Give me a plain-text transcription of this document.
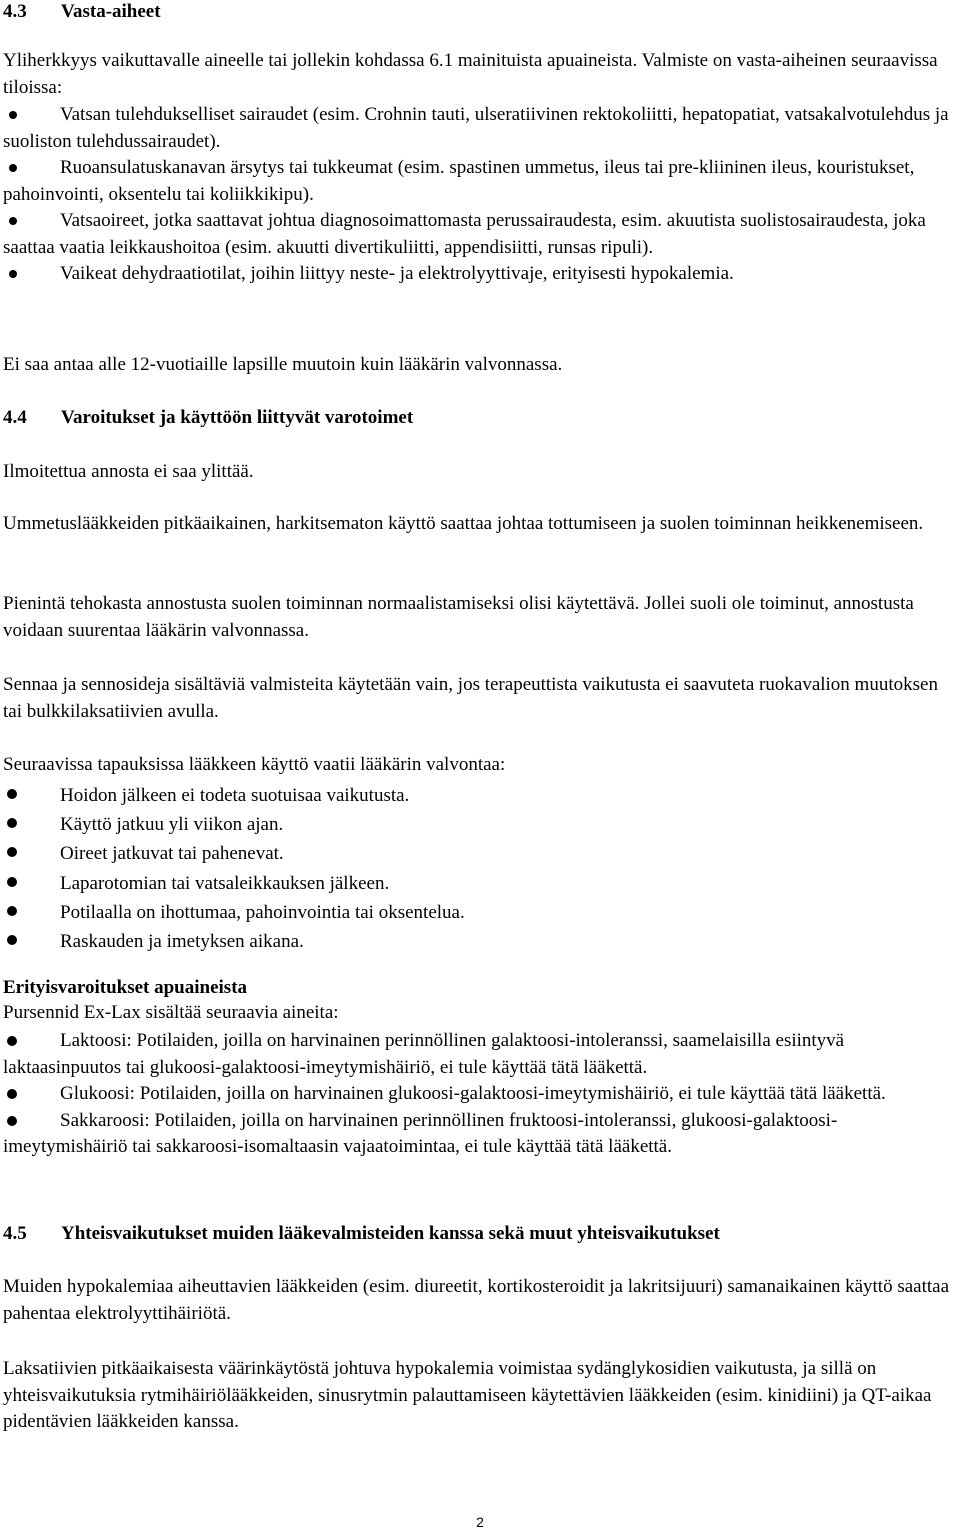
4.3 Vasta-aiheet

Yliherkkyys vaikuttavalle aineelle tai jollekin kohdassa 6.1 mainituista apuaineista. Valmiste on vasta-aiheinen seuraavissa tiloissa:

Vatsan tulehdukselliset sairaudet (esim. Crohnin tauti, ulseratiivinen rektokoliitti, hepatopatiat, vatsakalvotulehdus ja suoliston tulehdussairaudet).
Ruoansulatuskanavan ärsytys tai tukkeumat (esim. spastinen ummetus, ileus tai pre-kliininen ileus, kouristukset, pahoinvointi, oksentelu tai koliikkikipu).
Vatsaoireet, jotka saattavat johtua diagnosoimattomasta perussairaudesta, esim. akuutista suolistosairaudesta, joka saattaa vaatia leikkaushoitoa (esim. akuutti divertikuliitti, appendisiitti, runsas ripuli).
Vaikeat dehydraatiotilat, joihin liittyy neste- ja elektrolyyttivaje, erityisesti hypokalemia.

Ei saa antaa alle 12-vuotiaille lapsille muutoin kuin lääkärin valvonnassa.

4.4 Varoitukset ja käyttöön liittyvät varotoimet

Ilmoitettua annosta ei saa ylittää.

Ummetuslääkkeiden pitkäaikainen, harkitsematon käyttö saattaa johtaa tottumiseen ja suolen toiminnan heikkenemiseen.

Pienintä tehokasta annostusta suolen toiminnan normaalistamiseksi olisi käytettävä. Jollei suoli ole toiminut, annostusta voidaan suurentaa lääkärin valvonnassa.

Sennaa ja sennosideja sisältäviä valmisteita käytetään vain, jos terapeuttista vaikutusta ei saavuteta ruokavalion muutoksen tai bulkkilaksatiivien avulla.

Seuraavissa tapauksissa lääkkeen käyttö vaatii lääkärin valvontaa:

Hoidon jälkeen ei todeta suotuisaa vaikutusta.
Käyttö jatkuu yli viikon ajan.
Oireet jatkuvat tai pahenevat.
Laparotomian tai vatsaleikkauksen jälkeen.
Potilaalla on ihottumaa, pahoinvointia tai oksentelua.
Raskauden ja imetyksen aikana.

Erityisvaroitukset apuaineista

Pursennid Ex-Lax sisältää seuraavia aineita:

Laktoosi: Potilaiden, joilla on harvinainen perinnöllinen galaktoosi-intoleranssi, saamelaisilla esiintyvä laktaasinpuutos tai glukoosi-galaktoosi-imeytymishäiriö, ei tule käyttää tätä lääkettä.
Glukoosi: Potilaiden, joilla on harvinainen glukoosi-galaktoosi-imeytymishäiriö, ei tule käyttää tätä lääkettä.
Sakkaroosi: Potilaiden, joilla on harvinainen perinnöllinen fruktoosi-intoleranssi, glukoosi-galaktoosi-imeytymishäiriö tai sakkaroosi-isomaltaasin vajaatoimintaa, ei tule käyttää tätä lääkettä.
4.5 Yhteisvaikutukset muiden lääkevalmisteiden kanssa sekä muut yhteisvaikutukset

Muiden hypokalemiaa aiheuttavien lääkkeiden (esim. diureetit, kortikosteroidit ja lakritsijuuri) samanaikainen käyttö saattaa pahentaa elektrolyyttihäiriötä.

Laksatiivien pitkäaikaisesta väärinkäytöstä johtuva hypokalemia voimistaa sydänglykosidien vaikutusta, ja sillä on yhteisvaikutuksia rytmihäiriölääkkeiden, sinusrytmin palauttamiseen käytettävien lääkkeiden (esim. kinidiini) ja QT-aikaa pidentävien lääkkeiden kanssa.

2
